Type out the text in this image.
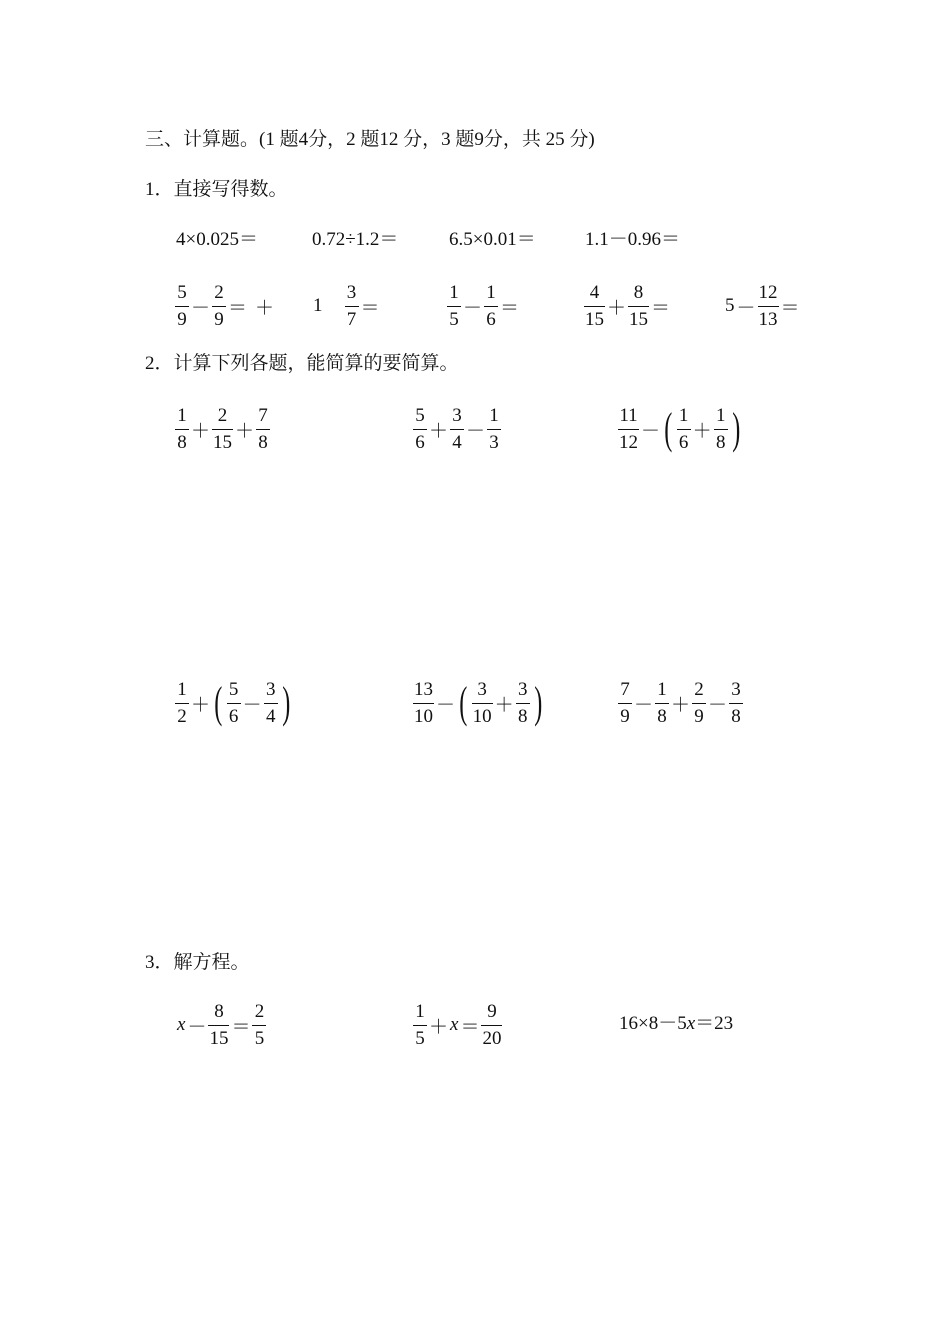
三、计算题。(1 题4分，2 题12 分，3 题9分，共 25 分)
1．直接写得数。
4×0.025＝	0.72÷1.2＝	6.5×0.01＝	1.1－0.96＝
$\frac{5}{9} - \frac{2}{9}$ ＝ ＋ $1 \frac{3}{7}$ ＝	$\frac{1}{5} - \frac{1}{6}$ ＝	$\frac{4}{15} + \frac{8}{15}$ ＝	$5 - \frac{12}{13}$ ＝
2．计算下列各题，能简算的要简算。
$\frac{1}{8} + \frac{2}{15} + \frac{7}{8}$	$\frac{5}{6} + \frac{3}{4} - \frac{1}{3}$	$\frac{11}{12}$ － ( $\frac{1}{6} + \frac{1}{8}$ )
$\frac{1}{2}$ ＋ ( $\frac{5}{6} - \frac{3}{4}$ )	$\frac{13}{10}$ － ( $\frac{3}{10} + \frac{3}{8}$ )	$\frac{7}{9} - \frac{1}{8} + \frac{2}{9} - \frac{3}{8}$
3．解方程。
$x - \frac{8}{15} = \frac{2}{5}$	$\frac{1}{5} + x = \frac{9}{20}$	16×8－5x＝23
